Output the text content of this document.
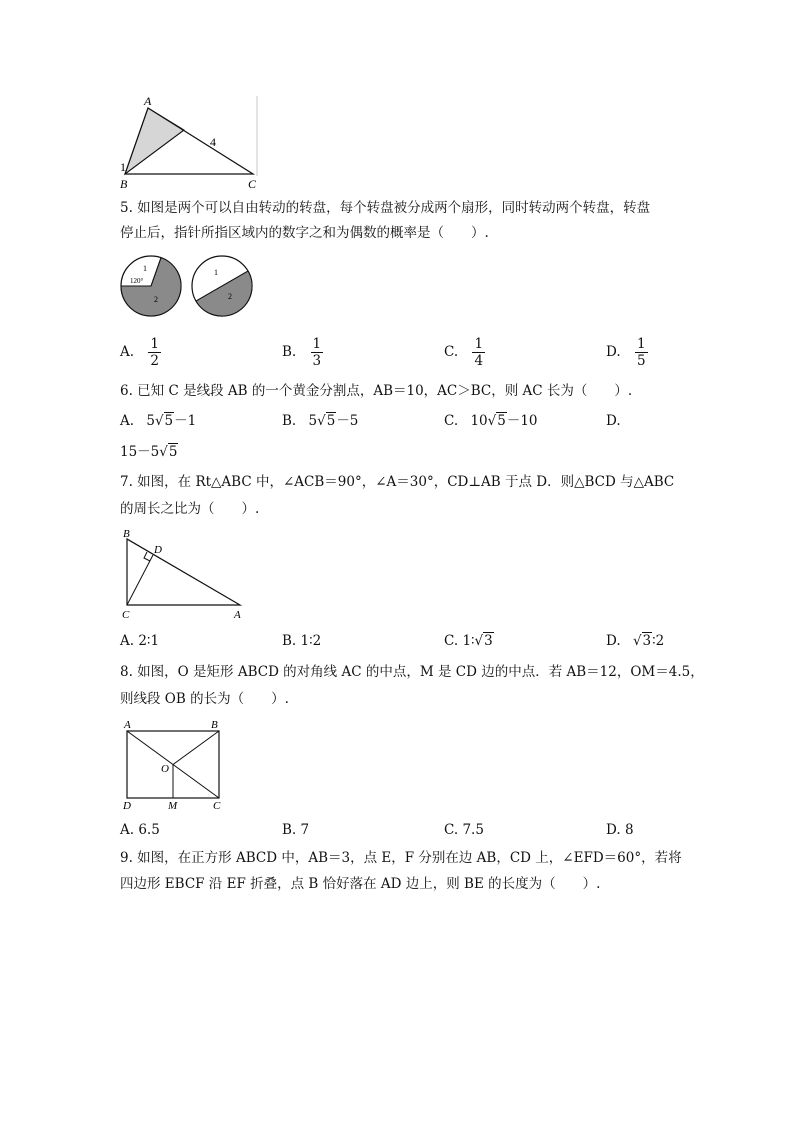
A
B	C
1
4
5. 如图是两个可以自由转动的转盘，每个转盘被分成两个扇形，同时转动两个转盘，转盘
停止后，指针所指区域内的数字之和为偶数的概率是（　　）.
1
2
120°
1
2
A. $\frac{1}{2}$	B. $\frac{1}{3}$	C. $\frac{1}{4}$	D. $\frac{1}{5}$
6. 已知 C 是线段 AB 的一个黄金分割点，AB＝10，AC＞BC，则 AC 长为（　　）.
A. 5√5－1	B. 5√5－5	C. 10√5－10	D.
15－5√5
7. 如图，在 Rt△ABC 中，∠ACB＝90°，∠A＝30°，CD⊥AB 于点 D．则△BCD 与△ABC
的周长之比为（　　）.
B
D
C	A
A. 2∶1	B. 1∶2	C. 1∶√3	D. √3∶2
8. 如图，O 是矩形 ABCD 的对角线 AC 的中点，M 是 CD 边的中点．若 AB＝12，OM＝4.5，
则线段 OB 的长为（　　）.
A	B
O
D	M	C
A. 6.5	B. 7	C. 7.5	D. 8
9. 如图，在正方形 ABCD 中，AB＝3，点 E，F 分别在边 AB，CD 上，∠EFD＝60°，若将
四边形 EBCF 沿 EF 折叠，点 B 恰好落在 AD 边上，则 BE 的长度为（　　）.
